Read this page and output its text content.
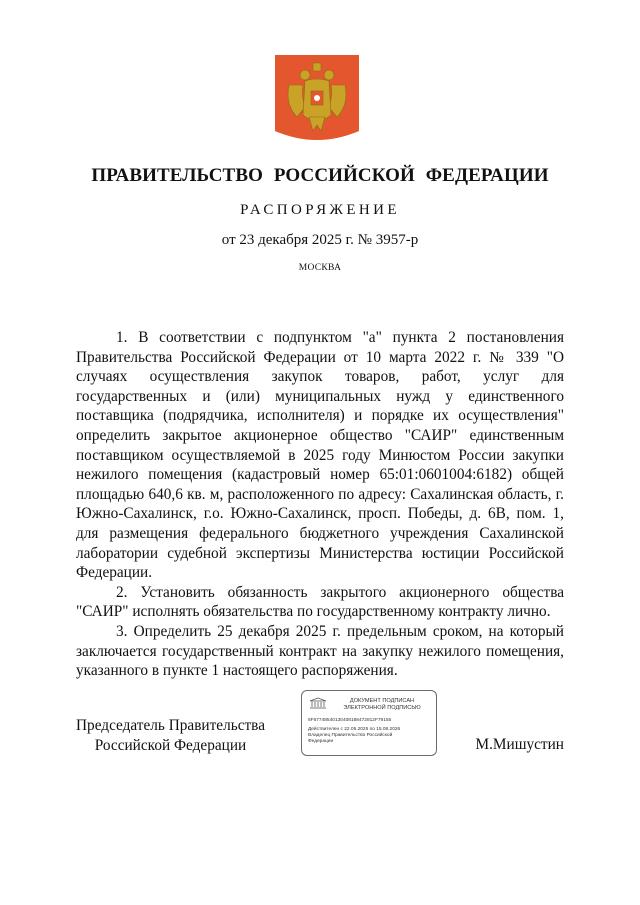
ПРАВИТЕЛЬСТВО РОССИЙСКОЙ ФЕДЕРАЦИИ
РАСПОРЯЖЕНИЕ
от 23 декабря 2025 г. № 3957-р
МОСКВА

1. В соответствии с подпунктом "а" пункта 2 постановления Правительства Российской Федерации от 10 марта 2022 г. № 339 "О случаях осуществления закупок товаров, работ, услуг для государственных и (или) муниципальных нужд у единственного поставщика (подрядчика, исполнителя) и порядке их осуществления" определить закрытое акционерное общество "САИР" единственным поставщиком осуществляемой в 2025 году Минюстом России закупки нежилого помещения (кадастровый номер 65:01:0601004:6182) общей площадью 640,6 кв. м, расположенного по адресу: Сахалинская область, г. Южно-Сахалинск, г.о. Южно-Сахалинск, просп. Победы, д. 6В, пом. 1, для размещения федерального бюджетного учреждения Сахалинской лаборатории судебной экспертизы Министерства юстиции Российской Федерации.

2. Установить обязанность закрытого акционерного общества "САИР" исполнять обязательства по государственному контракту лично.

3. Определить 25 декабря 2025 г. предельным сроком, на который заключается государственный контракт на закупку нежилого помещения, указанного в пункте 1 настоящего распоряжения.

Председатель Правительства
Российской Федерации
ДОКУМЕНТ ПОДПИСАН
ЭЛЕКТРОННОЙ ПОДПИСЬЮ
6F67748540130408188472812F79155
Действителен с 22.05.2025 по 15.08.2026
Владелец Правительство Российской
Федерации	М.Мишустин
